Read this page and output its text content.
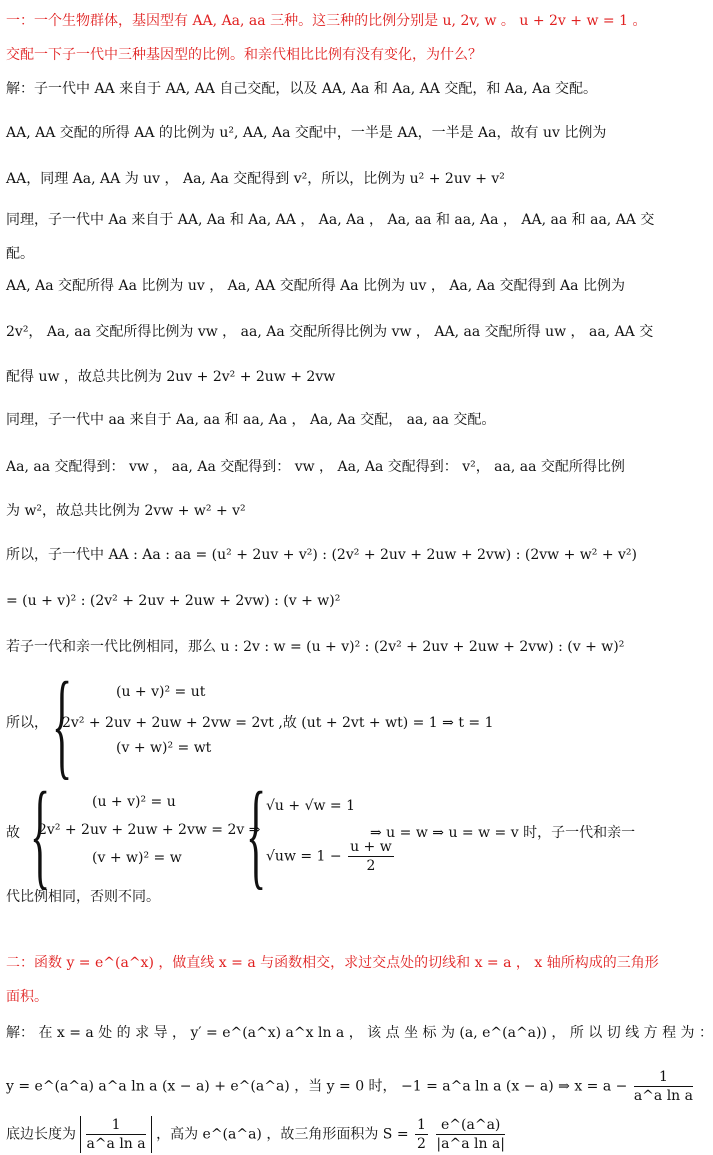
一：一个生物群体，基因型有 AA, Aa, aa 三种。这三种的比例分别是 u, 2v, w 。 u + 2v + w = 1 。
交配一下子一代中三种基因型的比例。和亲代相比比例有没有变化，为什么？
解：子一代中 AA 来自于 AA, AA 自己交配，以及 AA, Aa 和 Aa, AA 交配，和 Aa, Aa 交配。
AA, AA 交配的所得 AA 的比例为 u², AA, Aa 交配中，一半是 AA，一半是 Aa，故有 uv 比例为
AA，同理 Aa, AA 为 uv ， Aa, Aa 交配得到 v²，所以，比例为 u² + 2uv + v²
同理，子一代中 Aa 来自于 AA, Aa 和 Aa, AA ， Aa, Aa ， Aa, aa 和 aa, Aa ， AA, aa 和 aa, AA 交
配。
AA, Aa 交配所得 Aa 比例为 uv ， Aa, AA 交配所得 Aa 比例为 uv ， Aa, Aa 交配得到 Aa 比例为
2v²， Aa, aa 交配所得比例为 vw ， aa, Aa 交配所得比例为 vw ， AA, aa 交配所得 uw ， aa, AA 交
配得 uw ，故总共比例为 2uv + 2v² + 2uw + 2vw
同理，子一代中 aa 来自于 Aa, aa 和 aa, Aa ， Aa, Aa 交配， aa, aa 交配。
Aa, aa 交配得到： vw ， aa, Aa 交配得到： vw ， Aa, Aa 交配得到： v²， aa, aa 交配所得比例
为 w²，故总共比例为 2vw + w² + v²
所以，子一代中 AA : Aa : aa = (u² + 2uv + v²) : (2v² + 2uv + 2uw + 2vw) : (2vw + w² + v²)
= (u + v)² : (2v² + 2uv + 2uw + 2vw) : (v + w)²
若子一代和亲一代比例相同，那么 u : 2v : w = (u + v)² : (2v² + 2uv + 2uw + 2vw) : (v + w)²
所以， {	(u + v)² = ut
2v² + 2uv + 2uw + 2vw = 2vt ,故 (ut + 2vt + wt) = 1 ⇒ t = 1
(v + w)² = wt
故 {	(u + v)² = u
2v² + 2uv + 2uw + 2vw = 2v ⇒
(v + w)² = w { √u + √w = 1
$√uw = 1 - \frac{u + w}{2}$
⇒ u = w ⇒ u = w = v 时，子一代和亲一
代比例相同，否则不同。
二：函数 y = e^(a^x) ，做直线 x = a 与函数相交，求过交点处的切线和 x = a ， x 轴所构成的三角形
面积。
解： 在 x = a 处 的 求 导 ， y′ = e^(a^x) a^x ln a ， 该 点 坐 标 为 (a, e^(a^a)) ， 所 以 切 线 方 程 为 ：
y = e^(a^a) a^a ln a (x − a) + e^(a^a) ，当 y = 0 时， −1 = a^a ln a (x − a) ⇒ $x = a - \frac{1}{\text{a\textasciicircum{}a ln a}}$
底边长度为 $\frac{1}{\text{a\textasciicircum{}a ln a}}$ ，高为 e^(a^a) ，故三角形面积为 $S = \frac{1}{2}$
$\frac{e\^{}(a\^{}a)}{\text{|a\textasciicircum{}a ln a|}}$
